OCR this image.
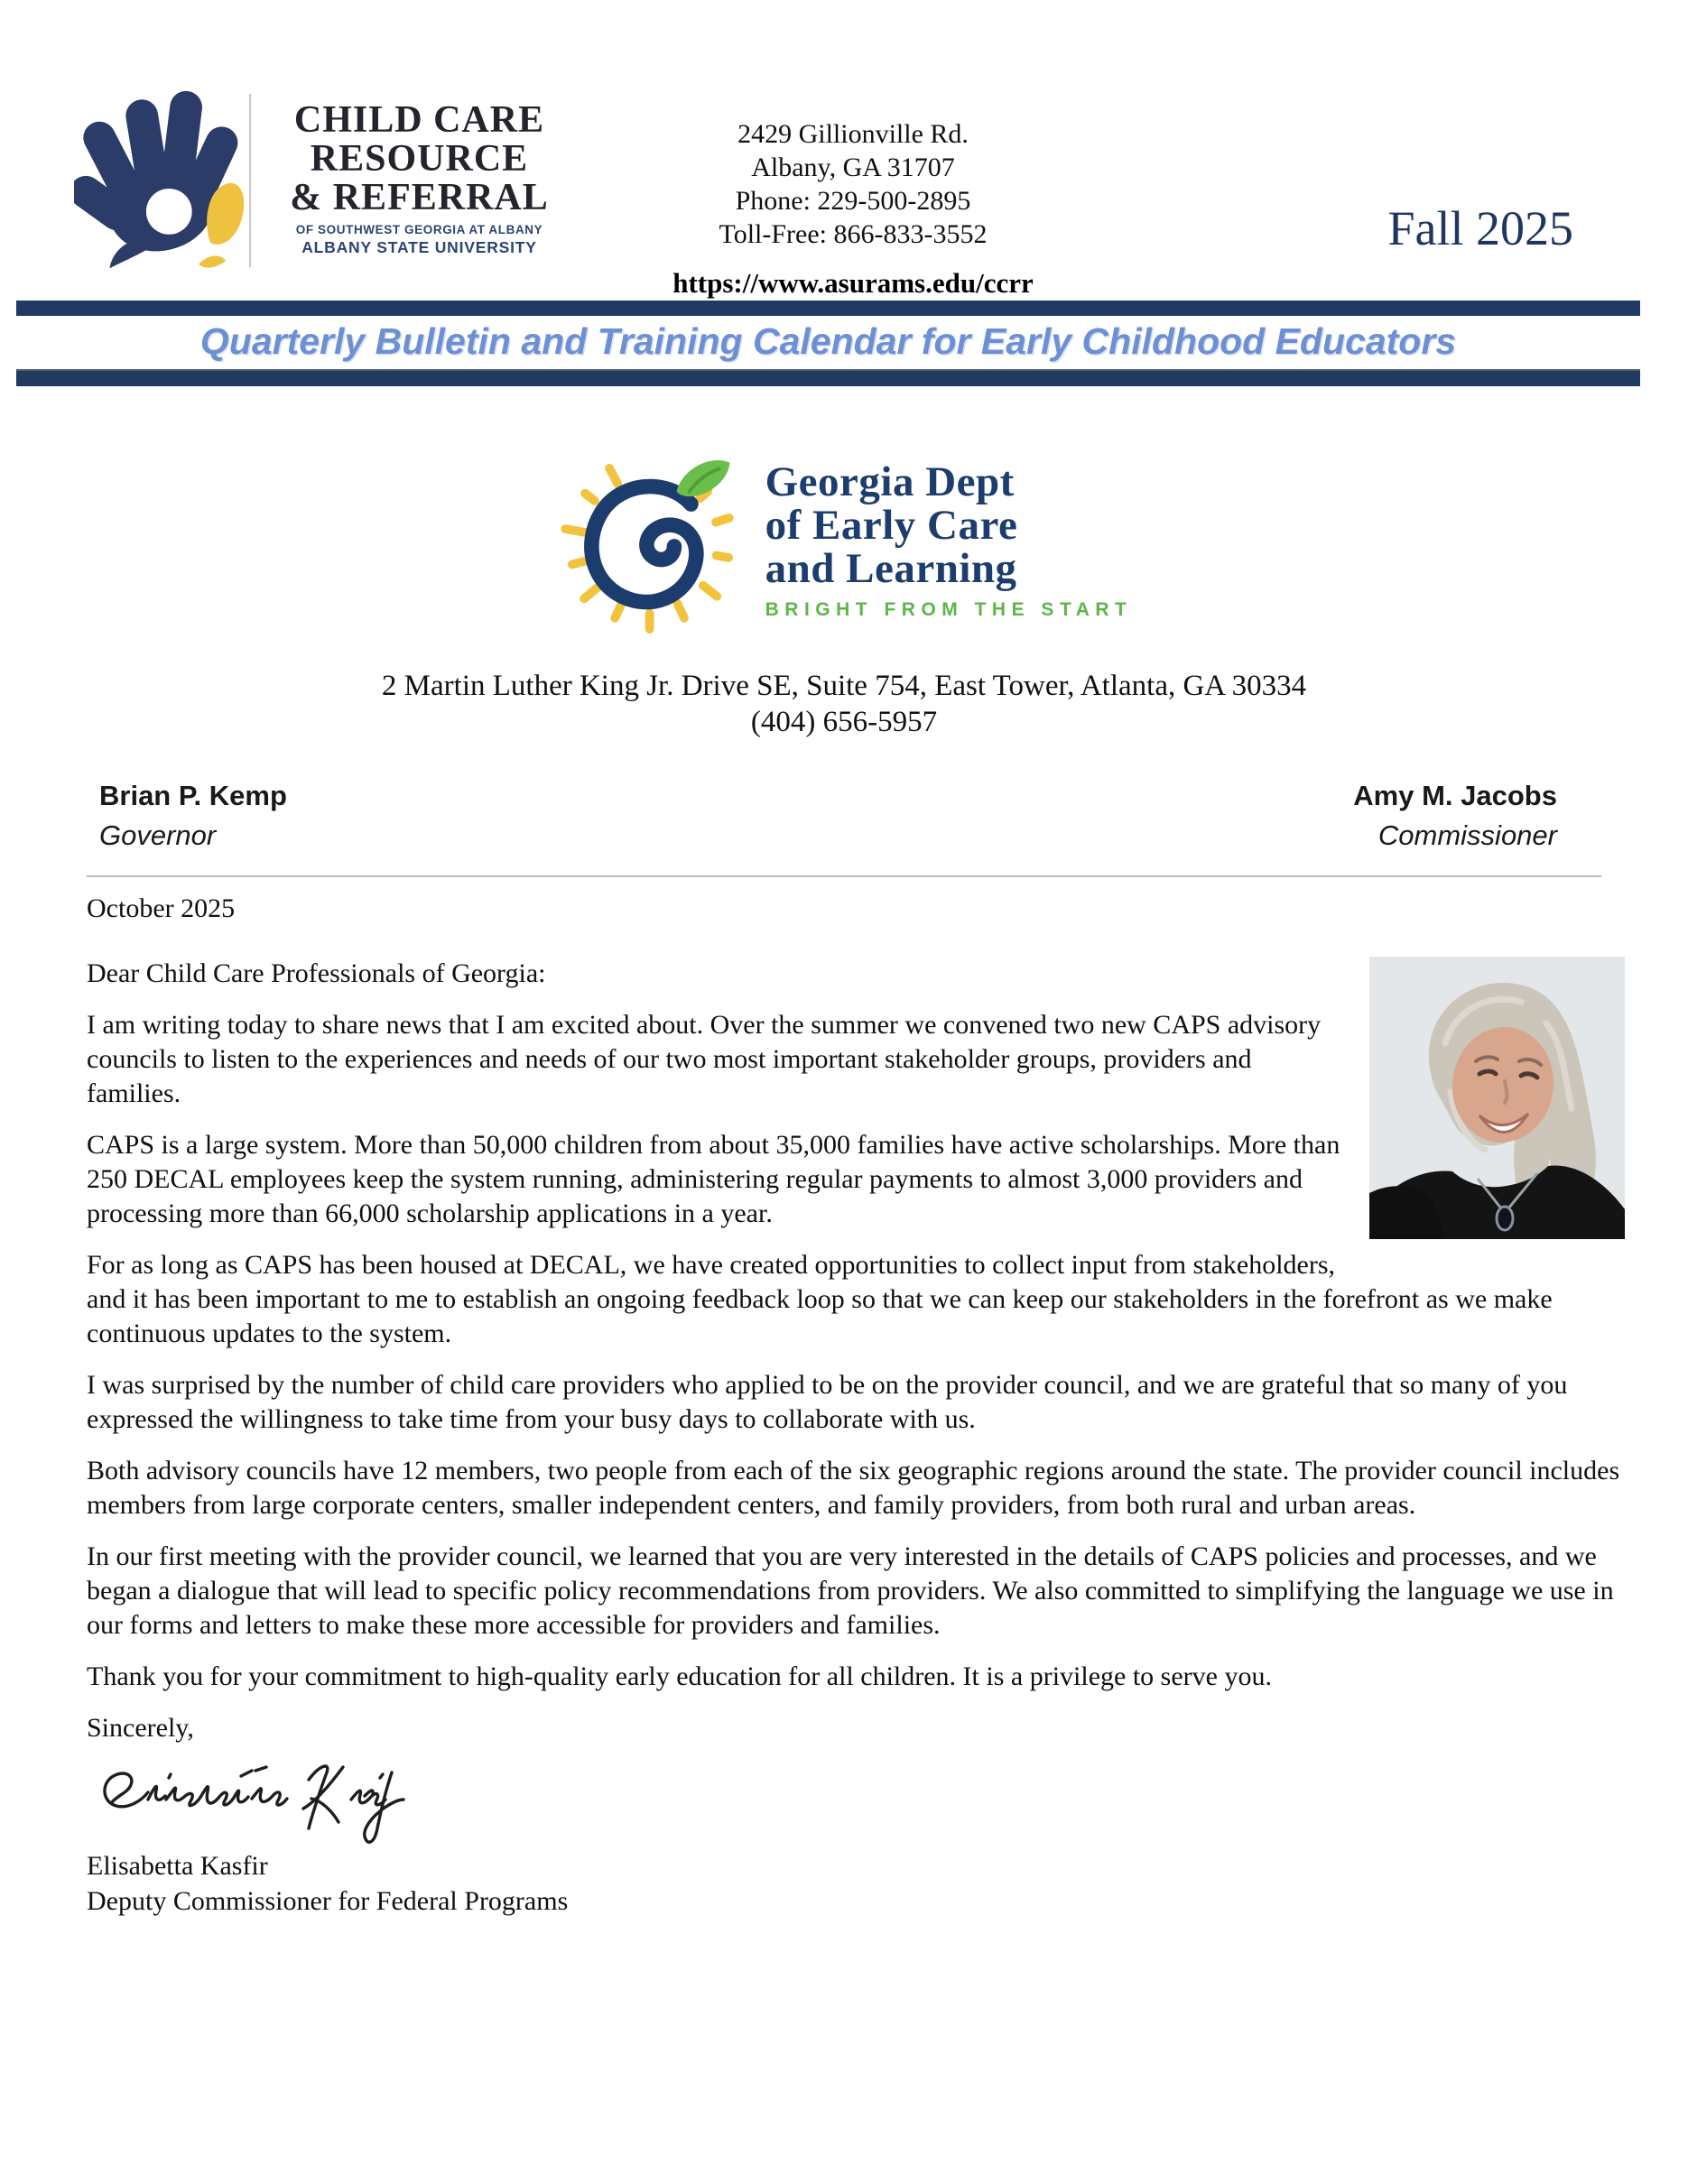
CHILD CARE
RESOURCE
& REFERRAL
OF SOUTHWEST GEORGIA AT ALBANY
ALBANY STATE UNIVERSITY
2429 Gillionville Rd.
Albany, GA 31707
Phone: 229-500-2895
Toll-Free: 866-833-3552
https://www.asurams.edu/ccrr
Fall 2025
Quarterly Bulletin and Training Calendar for Early Childhood Educators
Georgia Dept
of Early Care
and Learning
BRIGHT FROM THE START
2 Martin Luther King Jr. Drive SE, Suite 754, East Tower, Atlanta, GA 30334
(404) 656-5957
Brian P. Kemp
Governor
Amy M. Jacobs
Commissioner

October 2025

Dear Child Care Professionals of Georgia:

I am writing today to share news that I am excited about. Over the summer we convened two new CAPS advisory councils to listen to the experiences and needs of our two most important stakeholder groups, providers and families.

CAPS is a large system. More than 50,000 children from about 35,000 families have active scholarships. More than 250 DECAL employees keep the system running, administering regular payments to almost 3,000 providers and processing more than 66,000 scholarship applications in a year.

For as long as CAPS has been housed at DECAL, we have created opportunities to collect input from stakeholders, and it has been important to me to establish an ongoing feedback loop so that we can keep our stakeholders in the forefront as we make continuous updates to the system.

I was surprised by the number of child care providers who applied to be on the provider council, and we are grateful that so many of you expressed the willingness to take time from your busy days to collaborate with us.

Both advisory councils have 12 members, two people from each of the six geographic regions around the state. The provider council includes members from large corporate centers, smaller independent centers, and family providers, from both rural and urban areas.

In our first meeting with the provider council, we learned that you are very interested in the details of CAPS policies and processes, and we began a dialogue that will lead to specific policy recommendations from providers. We also committed to simplifying the language we use in our forms and letters to make these more accessible for providers and families.

Thank you for your commitment to high-quality early education for all children. It is a privilege to serve you.

Sincerely,

Elisabetta Kasfir
Deputy Commissioner for Federal Programs
